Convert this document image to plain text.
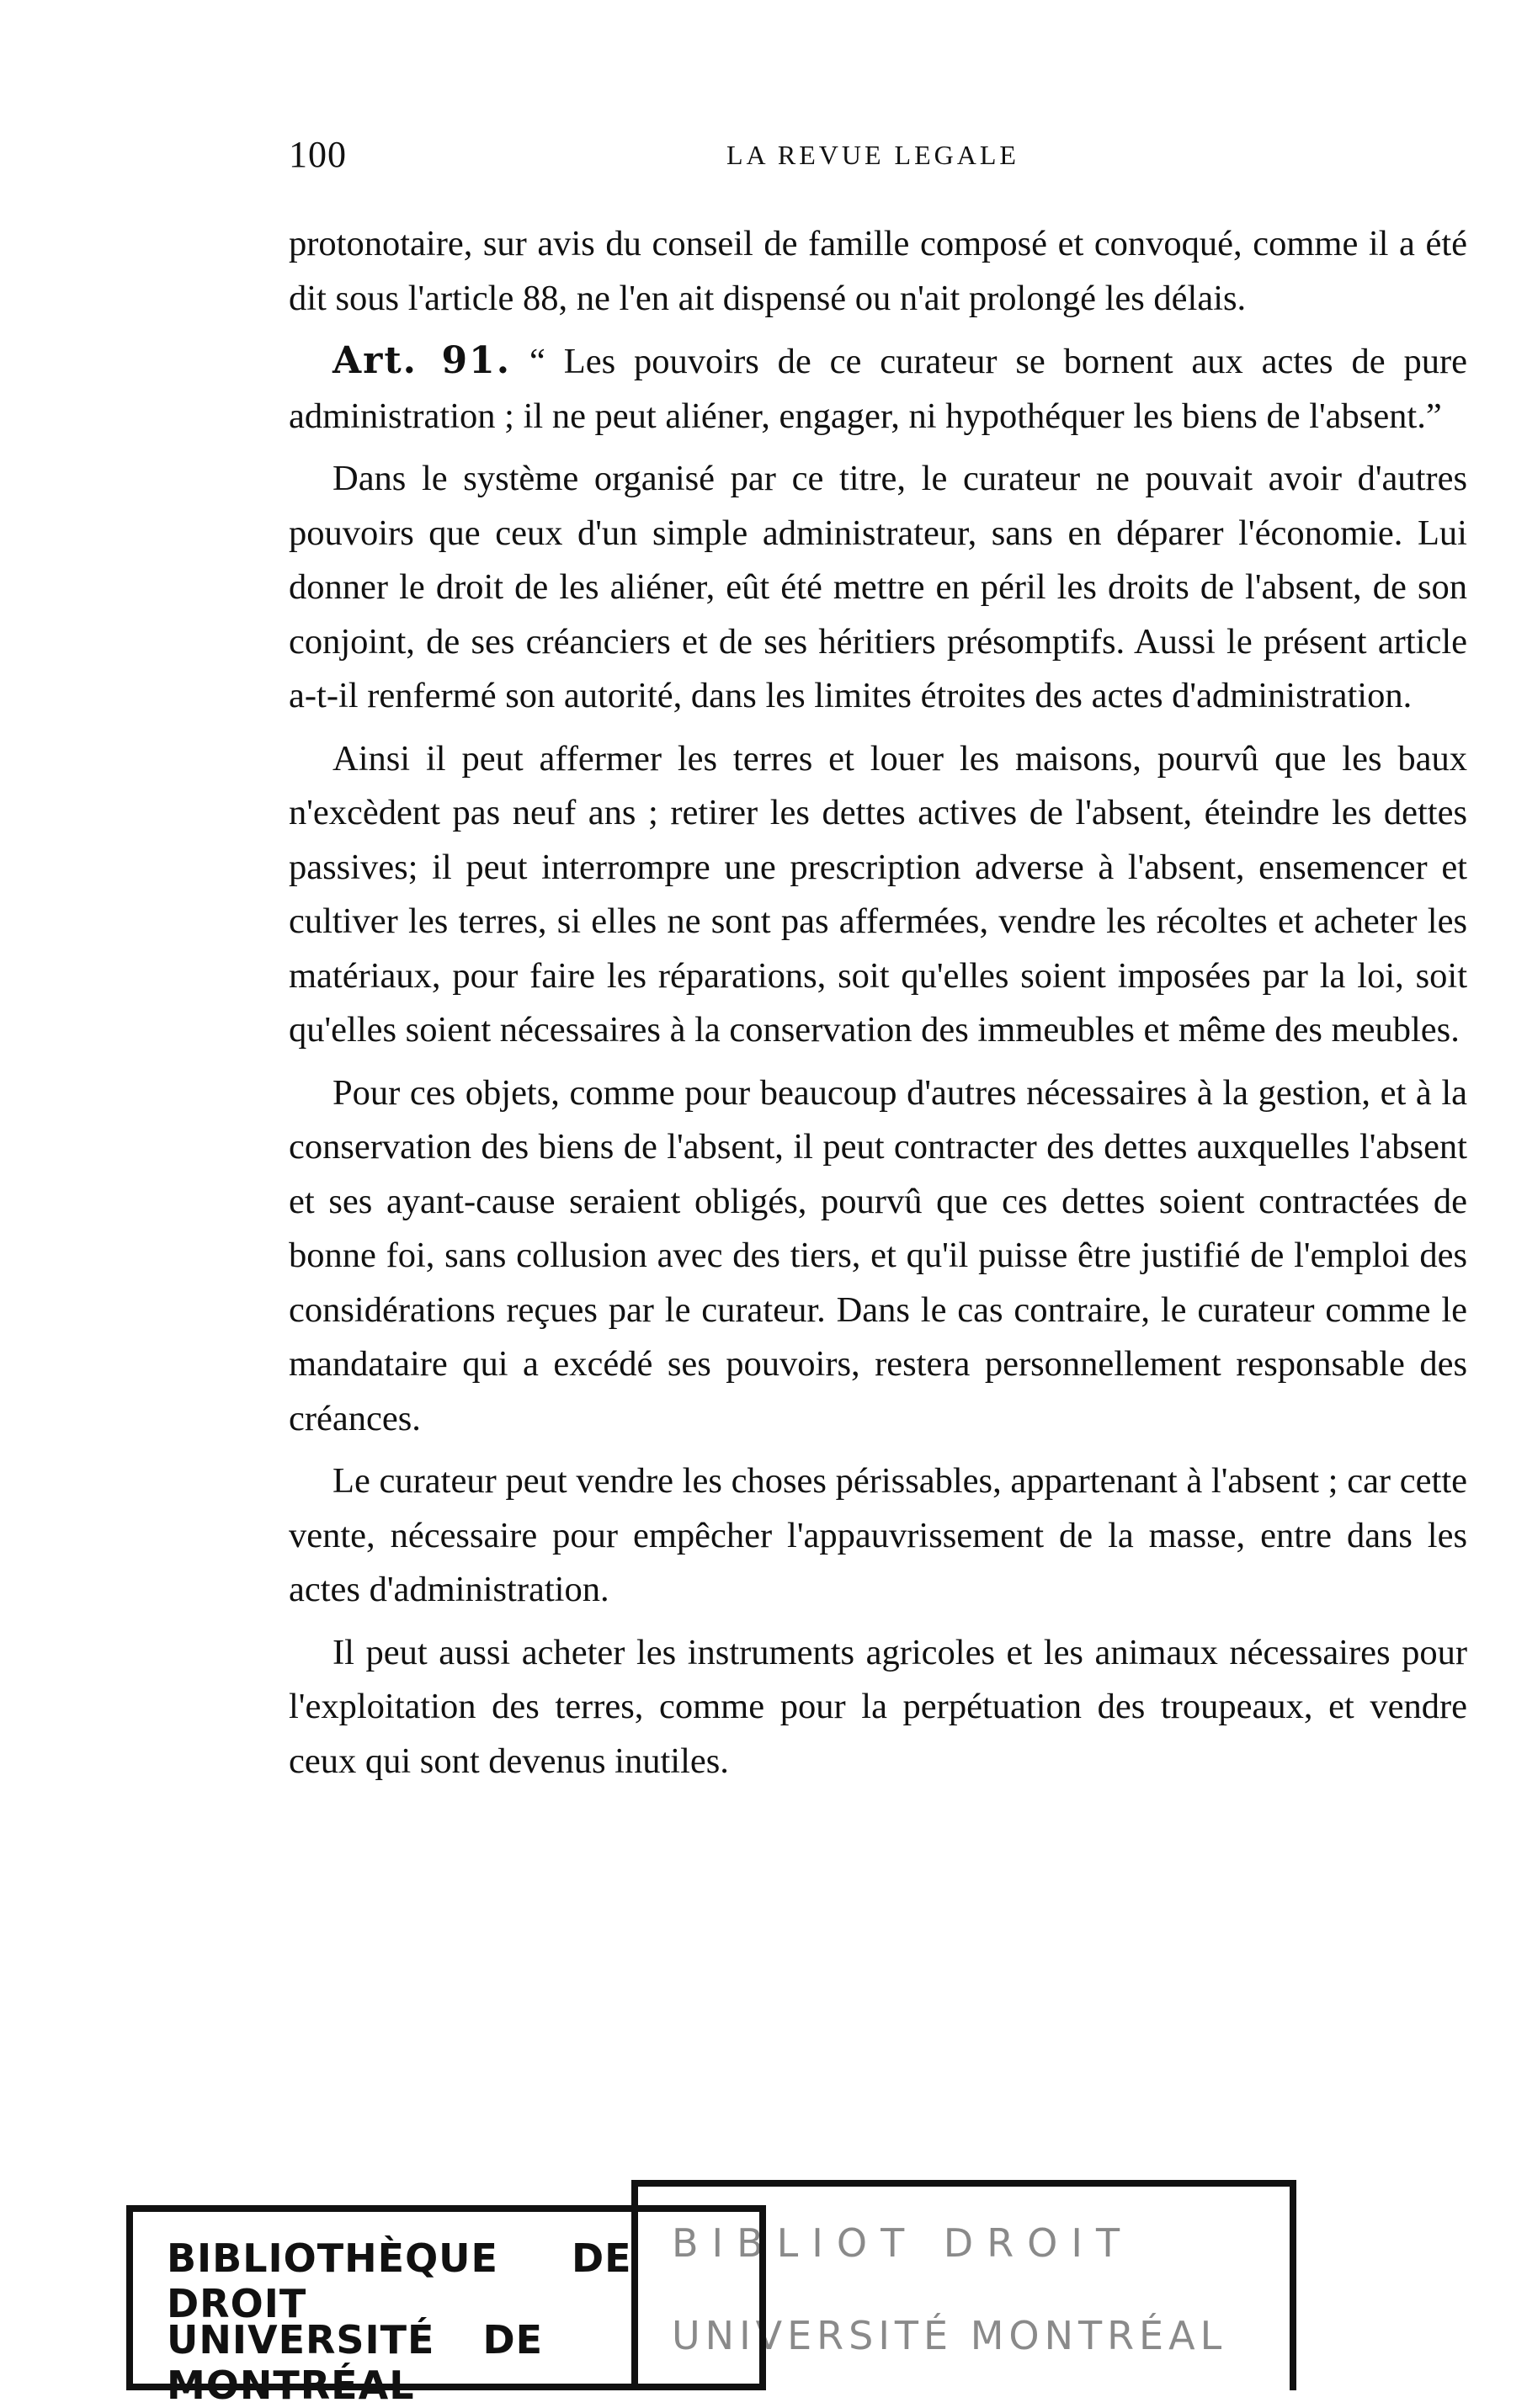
100	LA REVUE LEGALE

protonotaire, sur avis du conseil de famille composé et convoqué, comme il a été dit sous l'article 88, ne l'en ait dispensé ou n'ait prolongé les délais.

Art. 91. “ Les pouvoirs de ce curateur se bornent aux actes de pure administration ; il ne peut aliéner, engager, ni hypothéquer les biens de l'absent.”

Dans le système organisé par ce titre, le curateur ne pouvait avoir d'autres pouvoirs que ceux d'un simple administrateur, sans en déparer l'économie. Lui donner le droit de les aliéner, eût été mettre en péril les droits de l'absent, de son conjoint, de ses créanciers et de ses héritiers présomptifs. Aussi le présent article a-t-il renfermé son autorité, dans les limites étroites des actes d'administration.

Ainsi il peut affermer les terres et louer les maisons, pourvû que les baux n'excèdent pas neuf ans ; retirer les dettes actives de l'absent, éteindre les dettes passives; il peut interrompre une prescription adverse à l'absent, ensemencer et cultiver les terres, si elles ne sont pas affermées, vendre les récoltes et acheter les matériaux, pour faire les réparations, soit qu'elles soient imposées par la loi, soit qu'elles soient nécessaires à la conservation des immeubles et même des meubles.

Pour ces objets, comme pour beaucoup d'autres nécessaires à la gestion, et à la conservation des biens de l'absent, il peut contracter des dettes auxquelles l'absent et ses ayant-cause seraient obligés, pourvû que ces dettes soient contractées de bonne foi, sans collusion avec des tiers, et qu'il puisse être justifié de l'emploi des considérations reçues par le curateur. Dans le cas contraire, le curateur comme le mandataire qui a excédé ses pouvoirs, restera personnellement responsable des créances.

Le curateur peut vendre les choses périssables, appartenant à l'absent ; car cette vente, nécessaire pour empêcher l'appauvrissement de la masse, entre dans les actes d'administration.

Il peut aussi acheter les instruments agricoles et les animaux nécessaires pour l'exploitation des terres, comme pour la perpétuation des troupeaux, et vendre ceux qui sont devenus inutiles.

BIBLIOT DROIT
UNIVERSITÉ MONTRÉAL
BIBLIOTHÈQUE DE DROIT
UNIVERSITÉ DE MONTRÉAL
